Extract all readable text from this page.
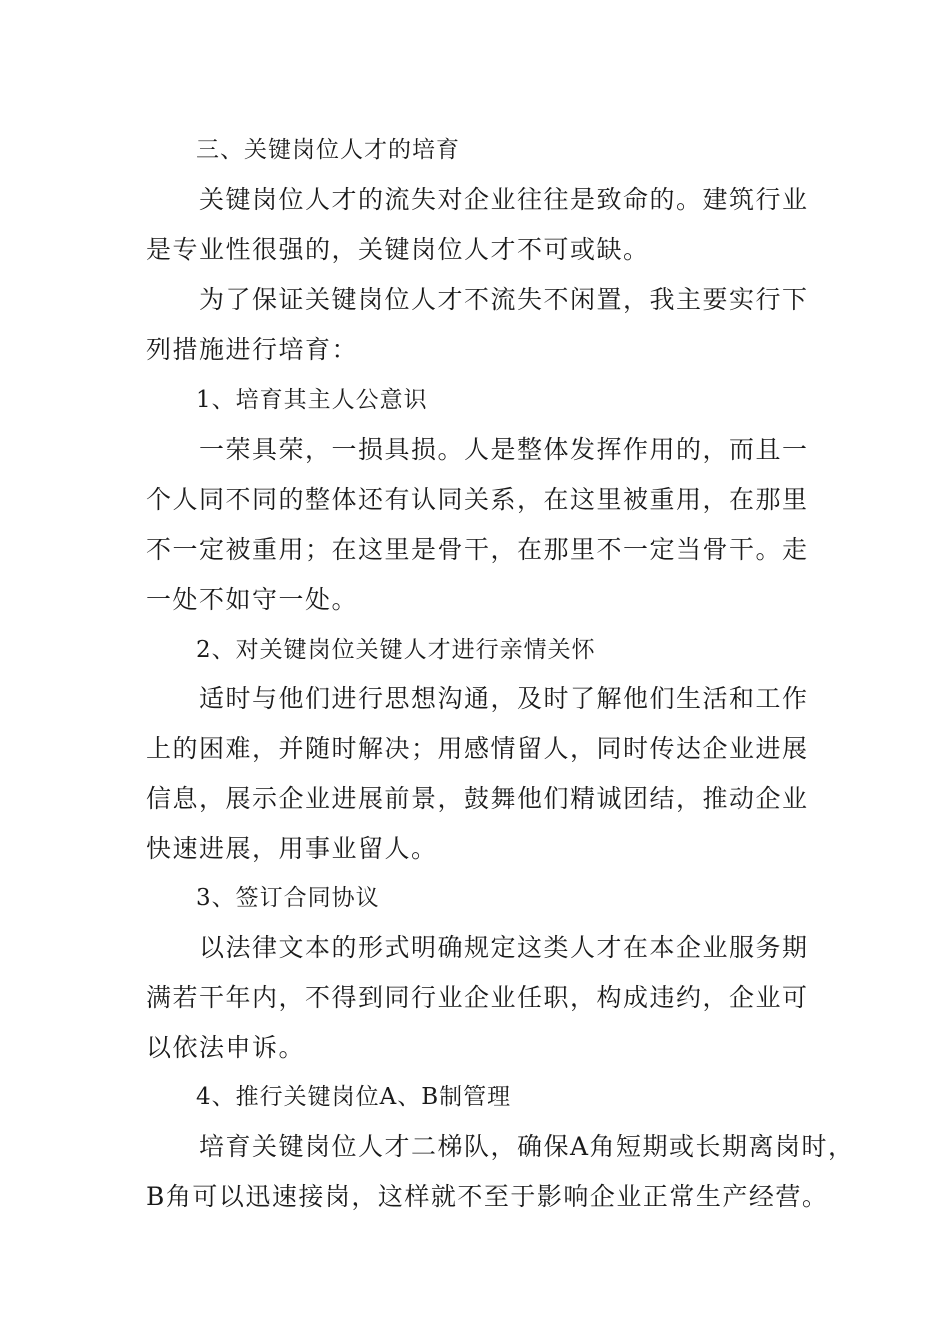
三、关键岗位人才的培育
关键岗位人才的流失对企业往往是致命的。建筑行业
是专业性很强的，关键岗位人才不可或缺。
为了保证关键岗位人才不流失不闲置，我主要实行下
列措施进行培育：
1、培育其主人公意识
一荣具荣，一损具损。人是整体发挥作用的，而且一
个人同不同的整体还有认同关系，在这里被重用，在那里
不一定被重用；在这里是骨干，在那里不一定当骨干。走
一处不如守一处。
2、对关键岗位关键人才进行亲情关怀
适时与他们进行思想沟通，及时了解他们生活和工作
上的困难，并随时解决；用感情留人，同时传达企业进展
信息，展示企业进展前景，鼓舞他们精诚团结，推动企业
快速进展，用事业留人。
3、签订合同协议
以法律文本的形式明确规定这类人才在本企业服务期
满若干年内，不得到同行业企业任职，构成违约，企业可
以依法申诉。
4、推行关键岗位A、B制管理
培育关键岗位人才二梯队，确保A角短期或长期离岗时，
B角可以迅速接岗，这样就不至于影响企业正常生产经营。
